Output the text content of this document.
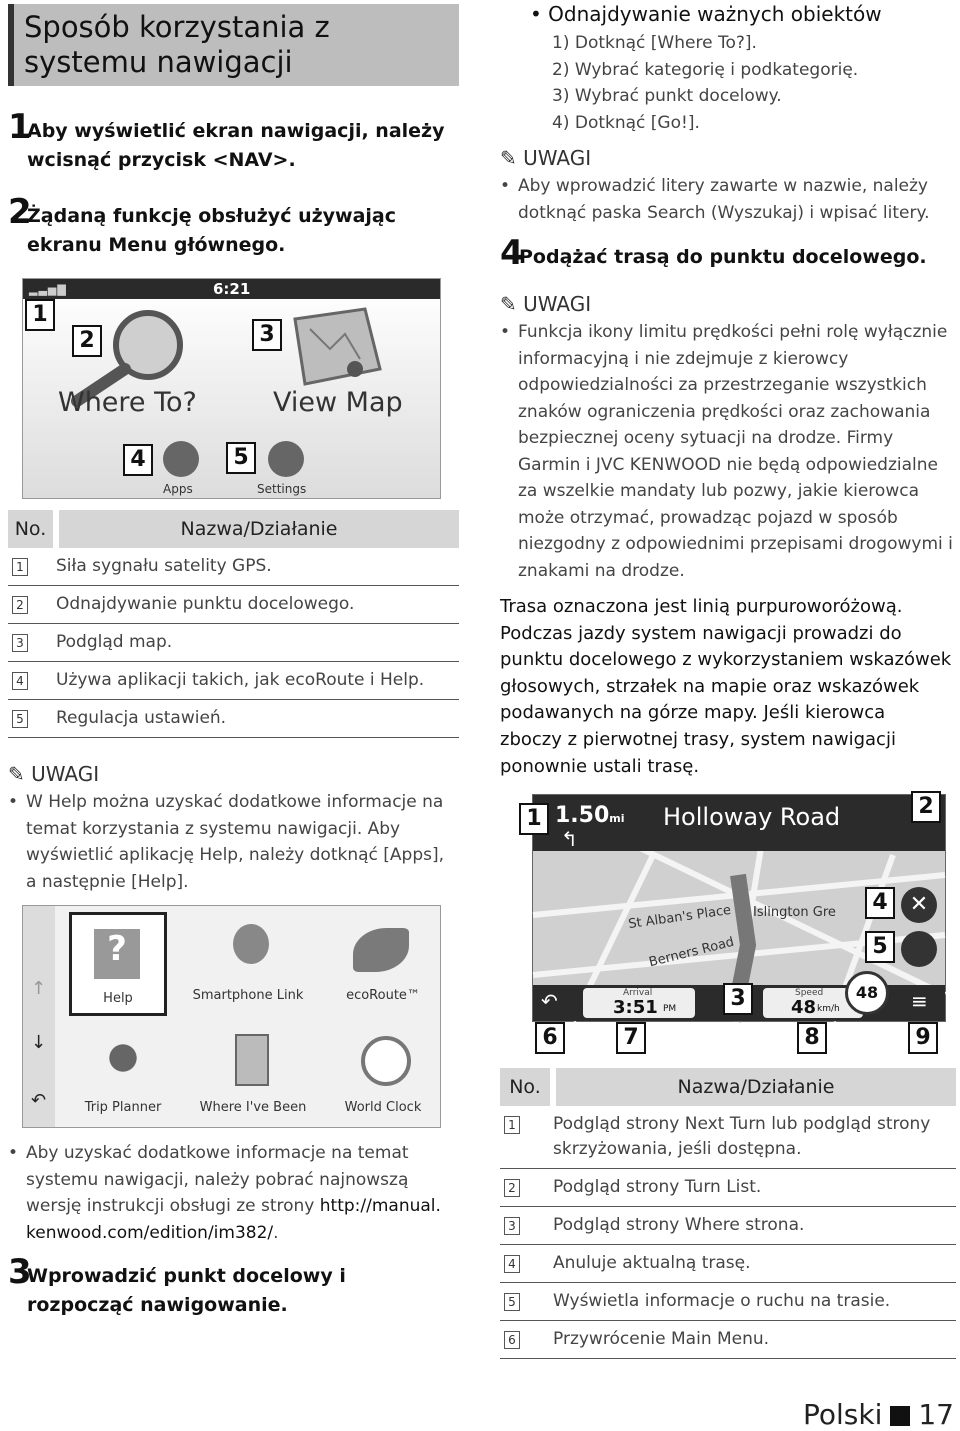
Sposób korzystania z systemu nawigacji
1
Aby wyświetlić ekran nawigacji, należy wcisnąć przycisk <NAV>.
2
Żądaną funkcję obsłużyć używając ekranu Menu głównego.
▂▃▅▇	6:21
Where To?	View Map
Apps	Settings
1
2	3
4	5
No.	Nazwa/Działanie
1	Siła sygnału satelity GPS.
2	Odnajdywanie punktu docelowego.
3	Podgląd map.
4	Używa aplikacji takich, jak ecoRoute i Help.
5	Regulacja ustawień.
✎ UWAGI
• W Help można uzyskać dodatkowe informacje na temat korzystania z systemu nawigacji. Aby wyświetlić aplikację Help, należy dotknąć [Apps], a następnie [Help].
↑
↓
↶
?
Help	Smartphone Link	ecoRoute™
Trip Planner	Where I've Been	World Clock
• Aby uzyskać dodatkowe informacje na temat systemu nawigacji, należy pobrać najnowszą wersję instrukcji obsługi ze strony http://manual.kenwood.com/edition/im382/.
3
Wprowadzić punkt docelowy i rozpocząć nawigowanie.
• Odnajdywanie ważnych obiektów
1) Dotknąć [Where To?].
2) Wybrać kategorię i podkategorię.
3) Wybrać punkt docelowy.
4) Dotknąć [Go!].
✎ UWAGI
• Aby wprowadzić litery zawarte w nazwie, należy dotknąć paska Search (Wyszukaj) i wpisać litery.
4
Podążać trasą do punktu docelowego.
✎ UWAGI
• Funkcja ikony limitu prędkości pełni rolę wyłącznie informacyjną i nie zdejmuje z kierowcy odpowiedzialności za przestrzeganie wszystkich znaków ograniczenia prędkości oraz zachowania bezpiecznej oceny sytuacji na drodze. Firmy Garmin i JVC KENWOOD nie będą odpowiedzialne za wszelkie mandaty lub pozwy, jakie kierowca może otrzymać, prowadząc pojazd w sposób niezgodny z odpowiednimi przepisami drogowymi i znakami na drodze.
Trasa oznaczona jest linią purpuroworóżową. Podczas jazdy system nawigacji prowadzi do punktu docelowego z wykorzystaniem wskazówek głosowych, strzałek na mapie oraz wskazówek podawanych na górze mapy. Jeśli kierowca zboczy z pierwotnej trasy, system nawigacji ponownie ustali trasę.
1.50mi
↰
Holloway Road
St Alban's Place
Berners Road
Islington Gre	✕
↶	Arrival
3:51 PM
Speed
48 km/h
48	≡
1	2
3
4
5
6	7	8	9
No.	Nazwa/Działanie
1	Podgląd strony Next Turn lub podgląd strony skrzyżowania, jeśli dostępna.
2	Podgląd strony Turn List.
3	Podgląd strony Where strona.
4	Anuluje aktualną trasę.
5	Wyświetla informacje o ruchu na trasie.
6	Przywrócenie Main Menu.
Polski 17
